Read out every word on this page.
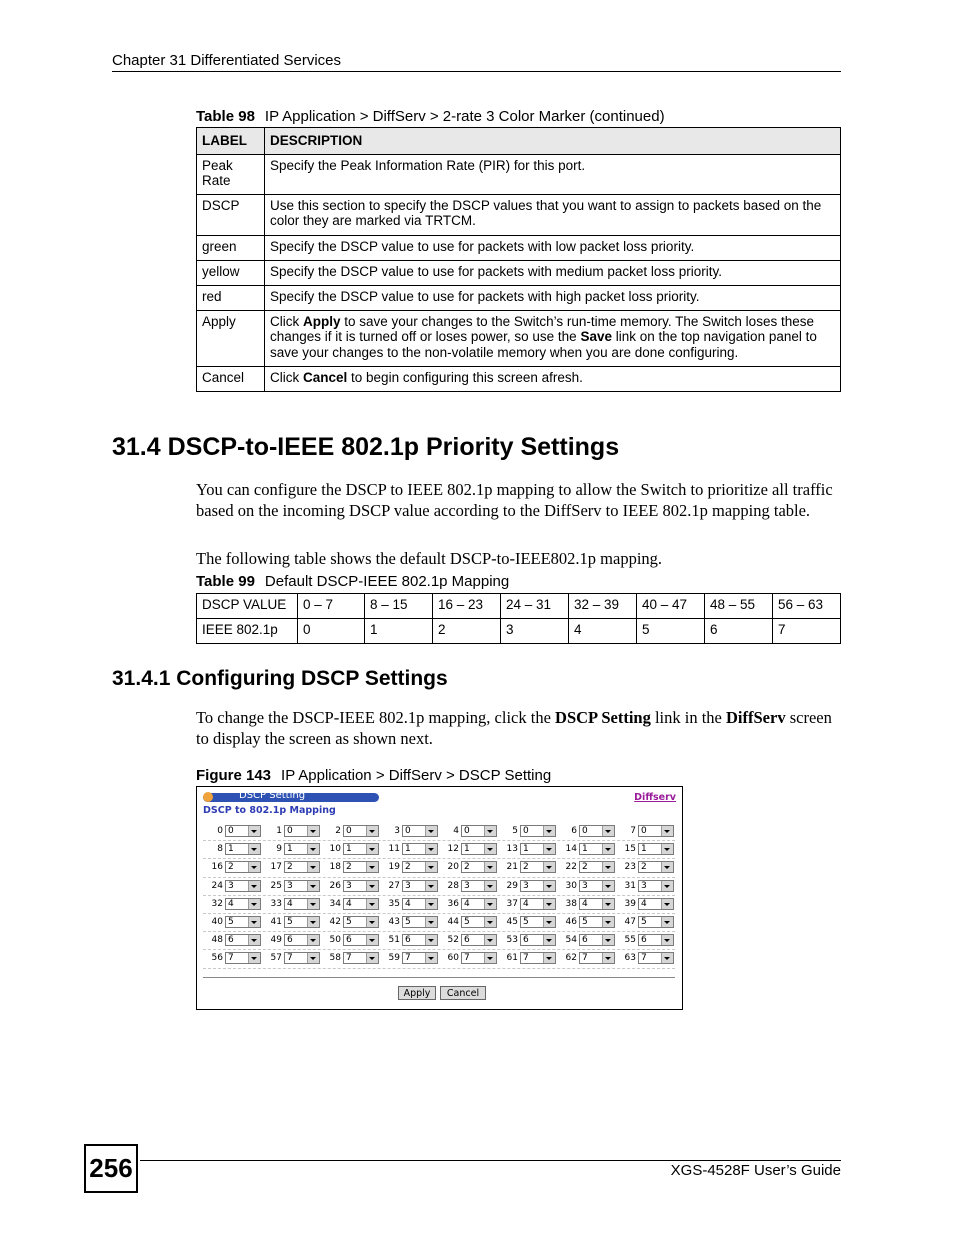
Chapter 31 Differentiated Services
Table 98 IP Application > DiffServ > 2-rate 3 Color Marker (continued)
LABEL	DESCRIPTION
Peak Rate	Specify the Peak Information Rate (PIR) for this port.
DSCP	Use this section to specify the DSCP values that you want to assign to packets based on the color they are marked via TRTCM.
green	Specify the DSCP value to use for packets with low packet loss priority.
yellow	Specify the DSCP value to use for packets with medium packet loss priority.
red	Specify the DSCP value to use for packets with high packet loss priority.
Apply	Click Apply to save your changes to the Switch’s run-time memory. The Switch loses these changes if it is turned off or loses power, so use the Save link on the top navigation panel to save your changes to the non-volatile memory when you are done configuring.
Cancel	Click Cancel to begin configuring this screen afresh.
31.4 DSCP-to-IEEE 802.1p Priority Settings
You can configure the DSCP to IEEE 802.1p mapping to allow the Switch to prioritize all traffic based on the incoming DSCP value according to the DiffServ to IEEE 802.1p mapping table.
The following table shows the default DSCP-to-IEEE802.1p mapping.
Table 99 Default DSCP-IEEE 802.1p Mapping
DSCP VALUE	0 – 7	8 – 15	16 – 23	24 – 31	32 – 39	40 – 47	48 – 55	56 – 63
IEEE 802.1p	0	1	2	3	4	5	6	7
31.4.1 Configuring DSCP Settings
To change the DSCP-IEEE 802.1p mapping, click the DSCP Setting link in the DiffServ screen to display the screen as shown next.
Figure 143 IP Application > DiffServ > DSCP Setting
DSCP Setting	Diffserv
DSCP to 802.1p Mapping
0 0	1 0	2 0	3 0	4 0	5 0	6 0	7 0
8 1	9 1	10 1	11 1	12 1	13 1	14 1	15 1
16 2	17 2	18 2	19 2	20 2	21 2	22 2	23 2
24 3	25 3	26 3	27 3	28 3	29 3	30 3	31 3
32 4	33 4	34 4	35 4	36 4	37 4	38 4	39 4
40 5	41 5	42 5	43 5	44 5	45 5	46 5	47 5
48 6	49 6	50 6	51 6	52 6	53 6	54 6	55 6
56 7	57 7	58 7	59 7	60 7	61 7	62 7	63 7
Apply	Cancel
256	XGS-4528F User’s Guide
